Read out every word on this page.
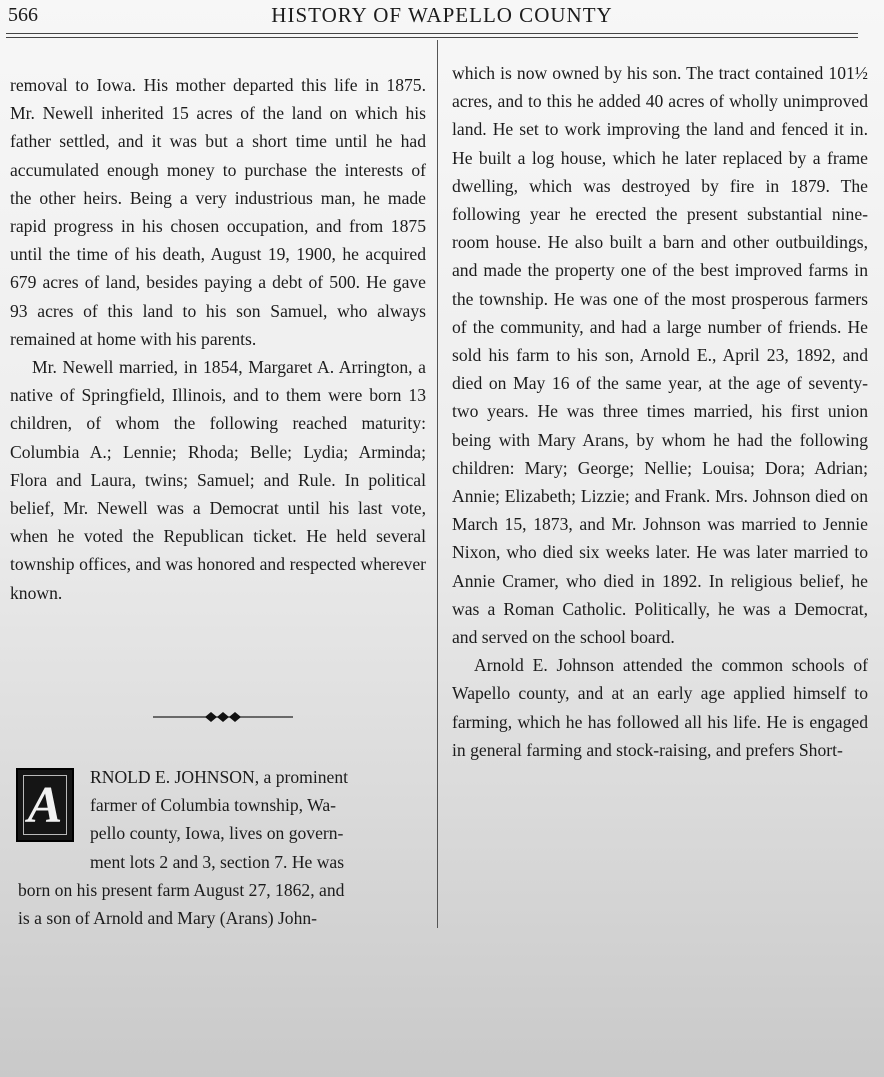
566	HISTORY OF WAPELLO COUNTY

removal to Iowa. His mother departed this life in 1875. Mr. Newell inherited 15 acres of the land on which his father settled, and it was but a short time until he had accumulated enough money to purchase the interests of the other heirs. Being a very industrious man, he made rapid progress in his chosen occupation, and from 1875 until the time of his death, August 19, 1900, he acquired 679 acres of land, besides paying a debt of 500. He gave 93 acres of this land to his son Samuel, who always remained at home with his parents.

Mr. Newell married, in 1854, Margaret A. Arrington, a native of Springfield, Illinois, and to them were born 13 children, of whom the following reached maturity: Columbia A.; Lennie; Rhoda; Belle; Lydia; Arminda; Flora and Laura, twins; Samuel; and Rule. In political belief, Mr. Newell was a Democrat until his last vote, when he voted the Republican ticket. He held several township offices, and was honored and respected wherever known.

A	RNOLD E. JOHNSON, a prominent
farmer of Columbia township, Wa-
pello county, Iowa, lives on govern-
ment lots 2 and 3, section 7. He was
born on his present farm August 27, 1862, and
is a son of Arnold and Mary (Arans) John-

which is now owned by his son. The tract contained 101½ acres, and to this he added 40 acres of wholly unimproved land. He set to work improving the land and fenced it in. He built a log house, which he later replaced by a frame dwelling, which was destroyed by fire in 1879. The following year he erected the present substantial nine-room house. He also built a barn and other outbuildings, and made the property one of the best improved farms in the township. He was one of the most prosperous farmers of the community, and had a large number of friends. He sold his farm to his son, Arnold E., April 23, 1892, and died on May 16 of the same year, at the age of seventy-two years. He was three times married, his first union being with Mary Arans, by whom he had the following children: Mary; George; Nellie; Louisa; Dora; Adrian; Annie; Elizabeth; Lizzie; and Frank. Mrs. Johnson died on March 15, 1873, and Mr. Johnson was married to Jennie Nixon, who died six weeks later. He was later married to Annie Cramer, who died in 1892. In religious belief, he was a Roman Catholic. Politically, he was a Democrat, and served on the school board.

Arnold E. Johnson attended the common schools of Wapello county, and at an early age applied himself to farming, which he has followed all his life. He is engaged in general farming and stock-raising, and prefers Short-
